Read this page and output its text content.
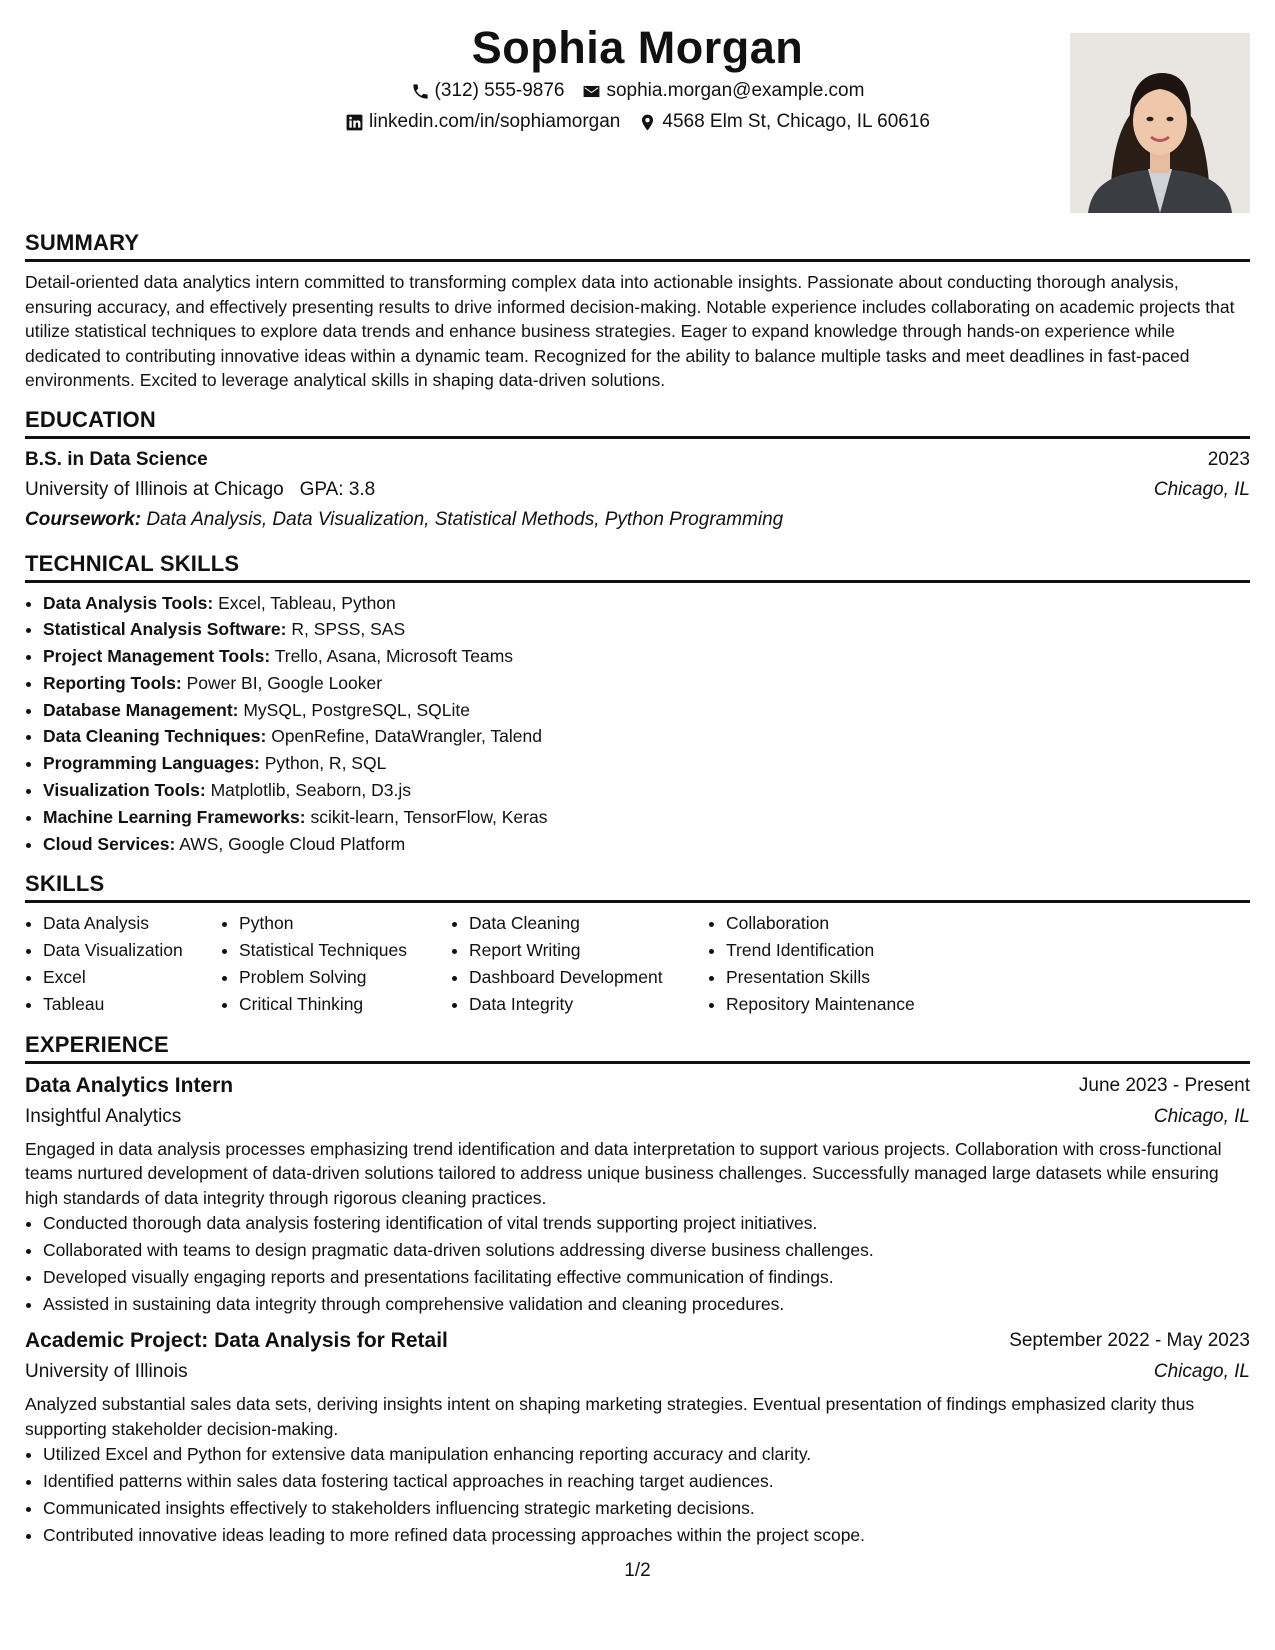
Sophia Morgan
(312) 555-9876 sophia.morgan@example.com
linkedin.com/in/sophiamorgan 4568 Elm St, Chicago, IL 60616
SUMMARY

Detail-oriented data analytics intern committed to transforming complex data into actionable insights. Passionate about conducting thorough analysis, ensuring accuracy, and effectively presenting results to drive informed decision-making. Notable experience includes collaborating on academic projects that utilize statistical techniques to explore data trends and enhance business strategies. Eager to expand knowledge through hands-on experience while dedicated to contributing innovative ideas within a dynamic team. Recognized for the ability to balance multiple tasks and meet deadlines in fast-paced environments. Excited to leverage analytical skills in shaping data-driven solutions.

EDUCATION
B.S. in Data Science	2023
University of Illinois at Chicago GPA: 3.8	Chicago, IL
Coursework: Data Analysis, Data Visualization, Statistical Methods, Python Programming
TECHNICAL SKILLS
• Data Analysis Tools: Excel, Tableau, Python
• Statistical Analysis Software: R, SPSS, SAS
• Project Management Tools: Trello, Asana, Microsoft Teams
• Reporting Tools: Power BI, Google Looker
• Database Management: MySQL, PostgreSQL, SQLite
• Data Cleaning Techniques: OpenRefine, DataWrangler, Talend
• Programming Languages: Python, R, SQL
• Visualization Tools: Matplotlib, Seaborn, D3.js
• Machine Learning Frameworks: scikit-learn, TensorFlow, Keras
• Cloud Services: AWS, Google Cloud Platform
SKILLS
• Data Analysis
• Data Visualization
• Excel
• Tableau
• Python
• Statistical Techniques
• Problem Solving
• Critical Thinking
• Data Cleaning
• Report Writing
• Dashboard Development
• Data Integrity
• Collaboration
• Trend Identification
• Presentation Skills
• Repository Maintenance
EXPERIENCE
Data Analytics Intern	June 2023 - Present
Insightful Analytics	Chicago, IL

Engaged in data analysis processes emphasizing trend identification and data interpretation to support various projects. Collaboration with cross-functional teams nurtured development of data-driven solutions tailored to address unique business challenges. Successfully managed large datasets while ensuring high standards of data integrity through rigorous cleaning practices.

• Conducted thorough data analysis fostering identification of vital trends supporting project initiatives.
• Collaborated with teams to design pragmatic data-driven solutions addressing diverse business challenges.
• Developed visually engaging reports and presentations facilitating effective communication of findings.
• Assisted in sustaining data integrity through comprehensive validation and cleaning procedures.
Academic Project: Data Analysis for Retail	September 2022 - May 2023
University of Illinois	Chicago, IL

Analyzed substantial sales data sets, deriving insights intent on shaping marketing strategies. Eventual presentation of findings emphasized clarity thus supporting stakeholder decision-making.

• Utilized Excel and Python for extensive data manipulation enhancing reporting accuracy and clarity.
• Identified patterns within sales data fostering tactical approaches in reaching target audiences.
• Communicated insights effectively to stakeholders influencing strategic marketing decisions.
• Contributed innovative ideas leading to more refined data processing approaches within the project scope.
1/2
